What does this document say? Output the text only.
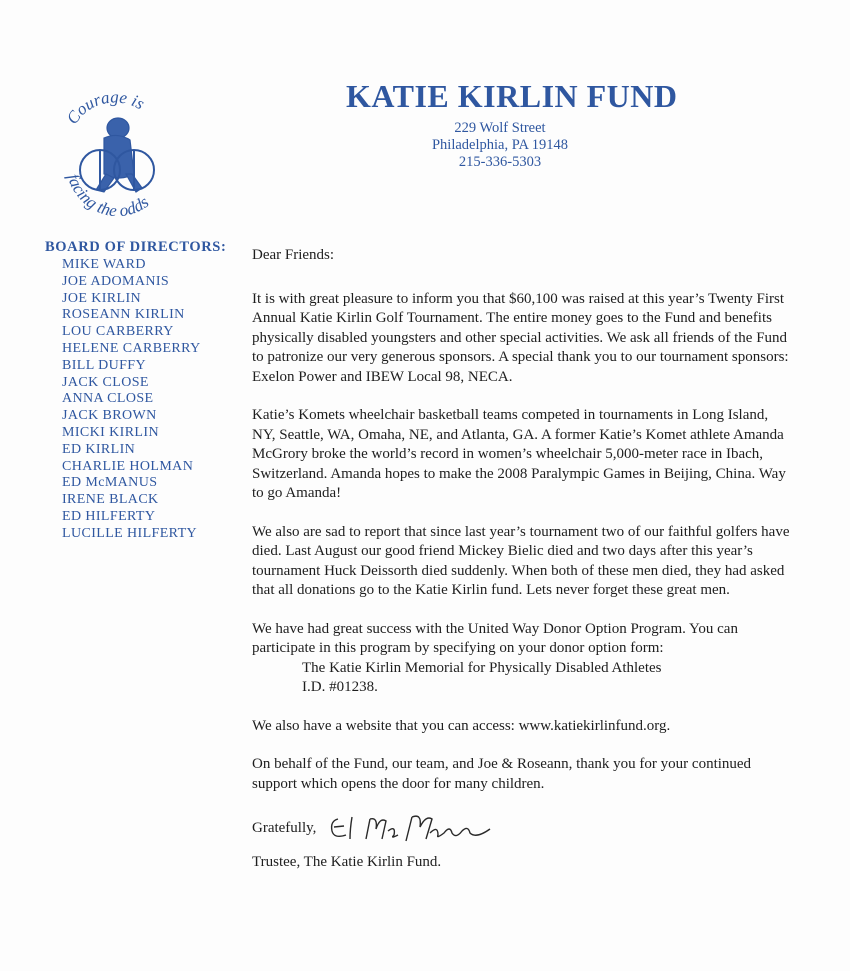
Courage is
facing the odds
KATIE KIRLIN FUND
229 Wolf Street
Philadelphia, PA 19148
215-336-5303
BOARD OF DIRECTORS:
MIKE WARD
JOE ADOMANIS
JOE KIRLIN
ROSEANN KIRLIN
LOU CARBERRY
HELENE CARBERRY
BILL DUFFY
JACK CLOSE
ANNA CLOSE
JACK BROWN
MICKI KIRLIN
ED KIRLIN
CHARLIE HOLMAN
ED McMANUS
IRENE BLACK
ED HILFERTY
LUCILLE HILFERTY

Dear Friends:

It is with great pleasure to inform you that $60,100 was raised at this year’s Twenty First Annual Katie Kirlin Golf Tournament. The entire money goes to the Fund and benefits physically disabled youngsters and other special activities. We ask all friends of the Fund to patronize our very generous sponsors. A special thank you to our tournament sponsors: Exelon Power and IBEW Local 98, NECA.

Katie’s Komets wheelchair basketball teams competed in tournaments in Long Island, NY, Seattle, WA, Omaha, NE, and Atlanta, GA. A former Katie’s Komet athlete Amanda McGrory broke the world’s record in women’s wheelchair 5,000-meter race in Ibach, Switzerland. Amanda hopes to make the 2008 Paralympic Games in Beijing, China. Way to go Amanda!

We also are sad to report that since last year’s tournament two of our faithful golfers have died. Last August our good friend Mickey Bielic died and two days after this year’s tournament Huck Deissorth died suddenly. When both of these men died, they had asked that all donations go to the Katie Kirlin fund. Lets never forget these great men.

We have had great success with the United Way Donor Option Program. You can participate in this program by specifying on your donor option form:

The Katie Kirlin Memorial for Physically Disabled Athletes

I.D. #01238.

We also have a website that you can access: www.katiekirlinfund.org.

On behalf of the Fund, our team, and Joe & Roseann, thank you for your continued support which opens the door for many children.

Gratefully,

Trustee, The Katie Kirlin Fund.
